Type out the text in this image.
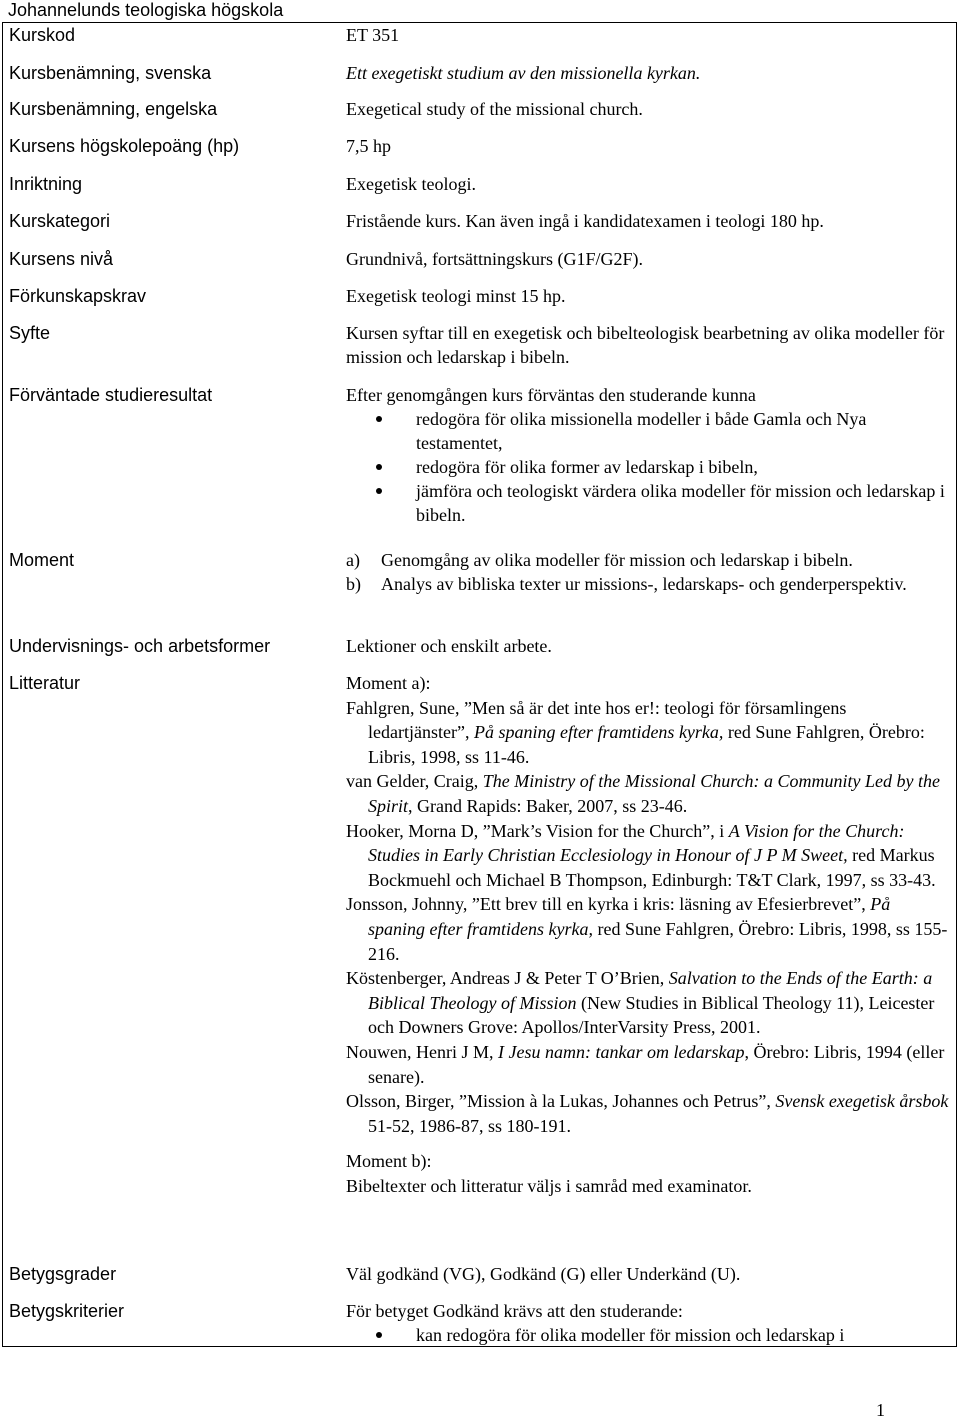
Johannelunds teologiska högskola
Kurskod	ET 351
Kursbenämning, svenska	Ett exegetiskt studium av den missionella kyrkan.
Kursbenämning, engelska	Exegetical study of the missional church.
Kursens högskolepoäng (hp)	7,5 hp
Inriktning	Exegetisk teologi.
Kurskategori	Fristående kurs. Kan även ingå i kandidatexamen i teologi 180 hp.
Kursens nivå	Grundnivå, fortsättningskurs (G1F/G2F).
Förkunskapskrav	Exegetisk teologi minst 15 hp.
Syfte	Kursen syftar till en exegetisk och bibelteologisk bearbetning av olika modeller för mission och ledarskap i bibeln.
Förväntade studieresultat	Efter genomgången kurs förväntas den studerande kunna
redogöra för olika missionella modeller i både Gamla och Nya testamentet,
redogöra för olika former av ledarskap i bibeln,
jämföra och teologiskt värdera olika modeller för mission och ledarskap i bibeln.
Moment	a)	Genomgång av olika modeller för mission och ledarskap i bibeln.
b)	Analys av bibliska texter ur missions-, ledarskaps- och genderperspektiv.
Undervisnings- och arbetsformer	Lektioner och enskilt arbete.
Litteratur	Moment a):
Fahlgren, Sune, ”Men så är det inte hos er!: teologi för församlingens ledartjänster”, På spaning efter framtidens kyrka, red Sune Fahlgren, Örebro: Libris, 1998, ss 11-46.
van Gelder, Craig, The Ministry of the Missional Church: a Community Led by the Spirit, Grand Rapids: Baker, 2007, ss 23-46.
Hooker, Morna D, ”Mark’s Vision for the Church”, i A Vision for the Church: Studies in Early Christian Ecclesiology in Honour of J P M Sweet, red Markus Bockmuehl och Michael B Thompson, Edinburgh: T&T Clark, 1997, ss 33-43.
Jonsson, Johnny, ”Ett brev till en kyrka i kris: läsning av Efesierbrevet”, På spaning efter framtidens kyrka, red Sune Fahlgren, Örebro: Libris, 1998, ss 155-216.
Köstenberger, Andreas J & Peter T O’Brien, Salvation to the Ends of the Earth: a Biblical Theology of Mission (New Studies in Biblical Theology 11), Leicester och Downers Grove: Apollos/InterVarsity Press, 2001.
Nouwen, Henri J M, I Jesu namn: tankar om ledarskap, Örebro: Libris, 1994 (eller senare).
Olsson, Birger, ”Mission à la Lukas, Johannes och Petrus”, Svensk exegetisk årsbok 51-52, 1986-87, ss 180-191.
Moment b):
Bibeltexter och litteratur väljs i samråd med examinator.
Betygsgrader	Väl godkänd (VG), Godkänd (G) eller Underkänd (U).
Betygskriterier	För betyget Godkänd krävs att den studerande:
kan redogöra för olika modeller för mission och ledarskap i
1
